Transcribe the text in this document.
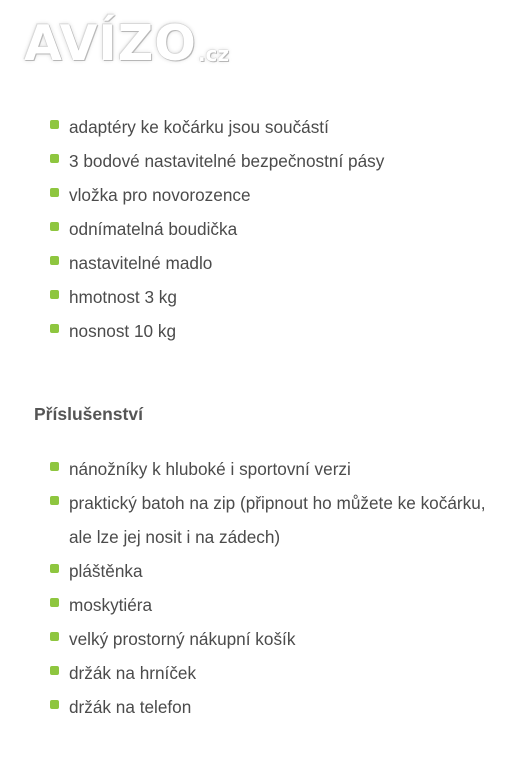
AVÍZO .cz
adaptéry ke kočárku jsou součástí
3 bodové nastavitelné bezpečnostní pásy
vložka pro novorozence
odnímatelná boudička
nastavitelné madlo
hmotnost 3 kg
nosnost 10 kg
Příslušenství
nánožníky k hluboké i sportovní verzi
praktický batoh na zip (připnout ho můžete ke kočárku, ale lze jej nosit i na zádech)
pláštěnka
moskytiéra
velký prostorný nákupní košík
držák na hrníček
držák na telefon
